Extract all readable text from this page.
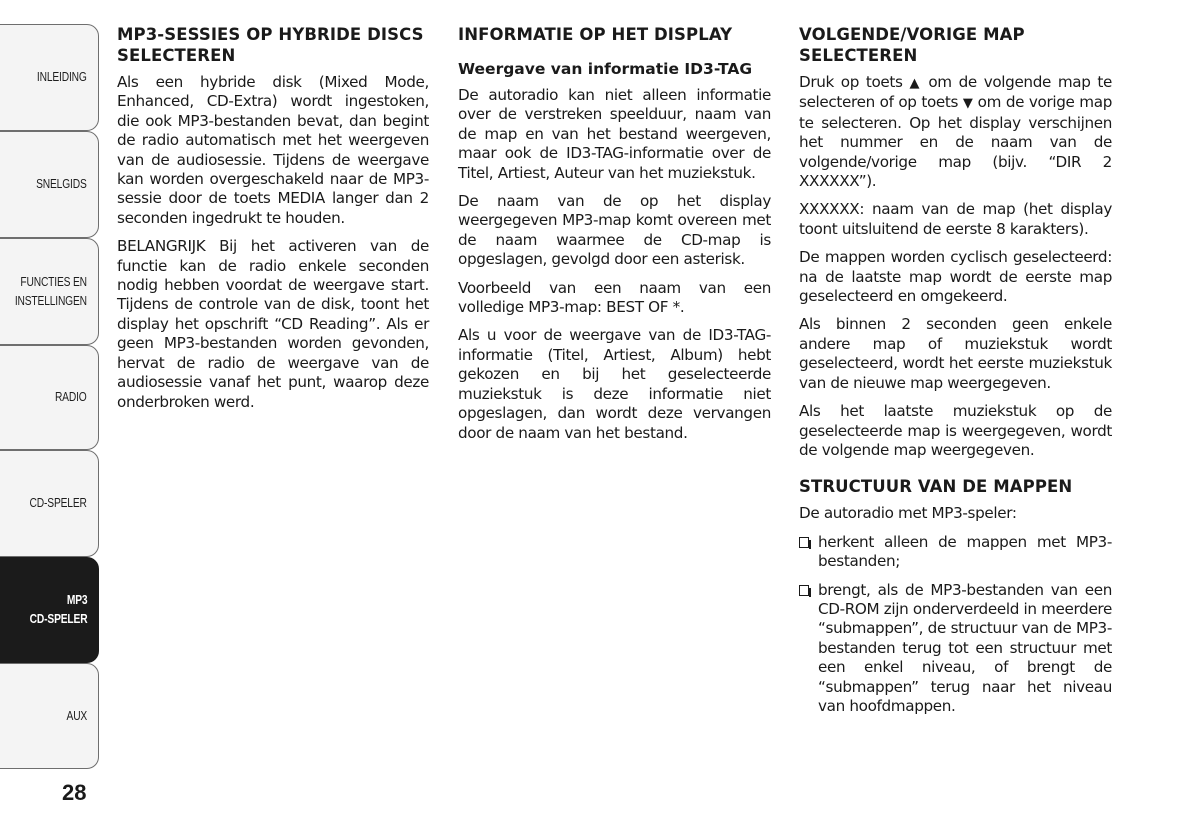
INLEIDING
SNELGIDS
FUNCTIES EN
INSTELLINGEN
RADIO
CD-SPELER
MP3
CD-SPELER
AUX
28
MP3-SESSIES OP HYBRIDE DISCS SELECTEREN

Als een hybride disk (Mixed Mode, Enhanced, CD-Extra) wordt ingestoken, die ook MP3-bestanden bevat, dan begint de radio automatisch met het weergeven van de audiosessie. Tijdens de weergave kan worden overgeschakeld naar de MP3-sessie door de toets MEDIA langer dan 2 seconden ingedrukt te houden.

BELANGRIJK Bij het activeren van de functie kan de radio enkele seconden nodig hebben voordat de weergave start. Tijdens de controle van de disk, toont het display het opschrift “CD Reading”. Als er geen MP3-bestanden worden gevonden, hervat de radio de weergave van de audiosessie vanaf het punt, waarop deze onderbroken werd.

INFORMATIE OP HET DISPLAY
Weergave van informatie ID3-TAG

De autoradio kan niet alleen informatie over de verstreken speelduur, naam van de map en van het bestand weergeven, maar ook de ID3-TAG-informatie over de Titel, Artiest, Auteur van het muziekstuk.

De naam van de op het display weergegeven MP3-map komt overeen met de naam waarmee de CD-map is opgeslagen, gevolgd door een asterisk.

Voorbeeld van een naam van een volledige MP3-map: BEST OF *.

Als u voor de weergave van de ID3-TAG-informatie (Titel, Artiest, Album) hebt gekozen en bij het geselecteerde muziekstuk is deze informatie niet opgeslagen, dan wordt deze vervangen door de naam van het bestand.

VOLGENDE/VORIGE MAP SELECTEREN

Druk op toets ▲ om de volgende map te selecteren of op toets ▼ om de vorige map te selecteren. Op het display verschijnen het nummer en de naam van de volgende/vorige map (bijv. “DIR 2 XXXXXX”).

XXXXXX: naam van de map (het display toont uitsluitend de eerste 8 karakters).

De mappen worden cyclisch geselecteerd: na de laatste map wordt de eerste map geselecteerd en omgekeerd.

Als binnen 2 seconden geen enkele andere map of muziekstuk wordt geselecteerd, wordt het eerste muziekstuk van de nieuwe map weergegeven.

Als het laatste muziekstuk op de geselecteerde map is weergegeven, wordt de volgende map weergegeven.

STRUCTUUR VAN DE MAPPEN

De autoradio met MP3-speler:

herkent alleen de mappen met MP3-bestanden;
brengt, als de MP3-bestanden van een CD-ROM zijn onderverdeeld in meerdere “submappen”, de structuur van de MP3-bestanden terug tot een structuur met een enkel niveau, of brengt de “submappen” terug naar het niveau van hoofdmappen.
